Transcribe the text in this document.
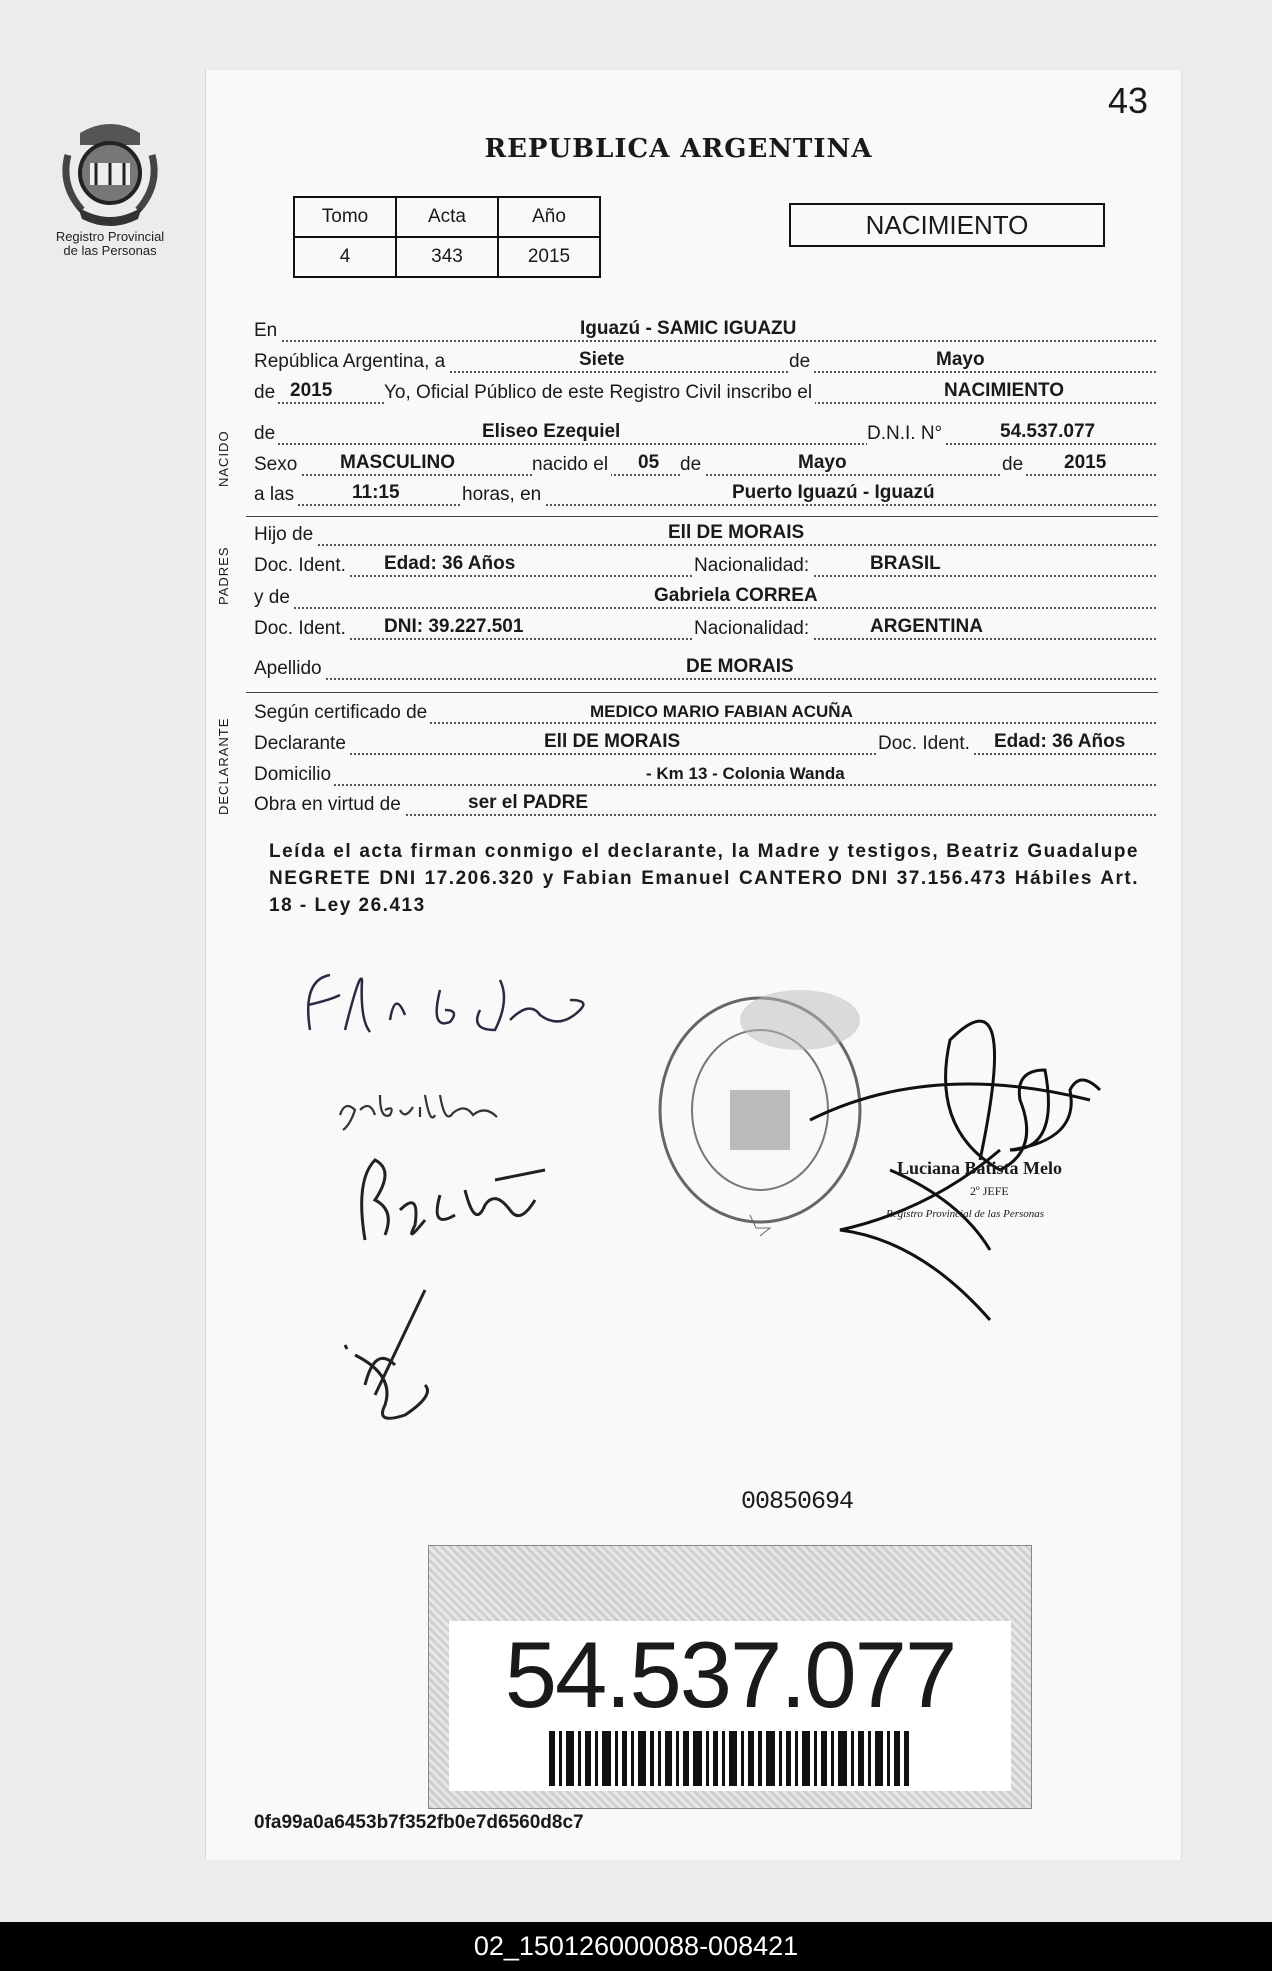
Registro Provincial
de las Personas
43
REPUBLICA ARGENTINA
Tomo	Acta	Año
4	343	2015
NACIMIENTO
En	Iguazú - SAMIC IGUAZU
República Argentina, a	Siete	de	Mayo
de 2015	Yo, Oficial Público de este Registro Civil inscribo el	NACIMIENTO
de	Eliseo Ezequiel	D.N.I. N°	54.537.077
Sexo MASCULINO	nacido el 05 de	Mayo	de 2015
a las	11:15	horas, en	Puerto Iguazú - Iguazú
Hijo de	Ell DE MORAIS
Doc. Ident. Edad: 36 Años	Nacionalidad:	BRASIL
y de	Gabriela CORREA
Doc. Ident. DNI: 39.227.501	Nacionalidad:	ARGENTINA
Apellido	DE MORAIS
Según certificado de	MEDICO MARIO FABIAN ACUÑA
Declarante	Ell DE MORAIS	Doc. Ident. Edad: 36 Años
Domicilio	- Km 13 - Colonia Wanda
Obra en virtud de	ser el PADRE
NACIDO
PADRES
DECLARANTE
Leída el acta firman conmigo el declarante, la Madre y testigos, Beatriz Guadalupe NEGRETE DNI 17.206.320 y Fabian Emanuel CANTERO DNI 37.156.473 Hábiles Art. 18 - Ley 26.413
Luciana Batista Melo
2º JEFE
Registro Provincial de las Personas
00850694
54.537.077
0fa99a0a6453b7f352fb0e7d6560d8c7
02_150126000088-008421
